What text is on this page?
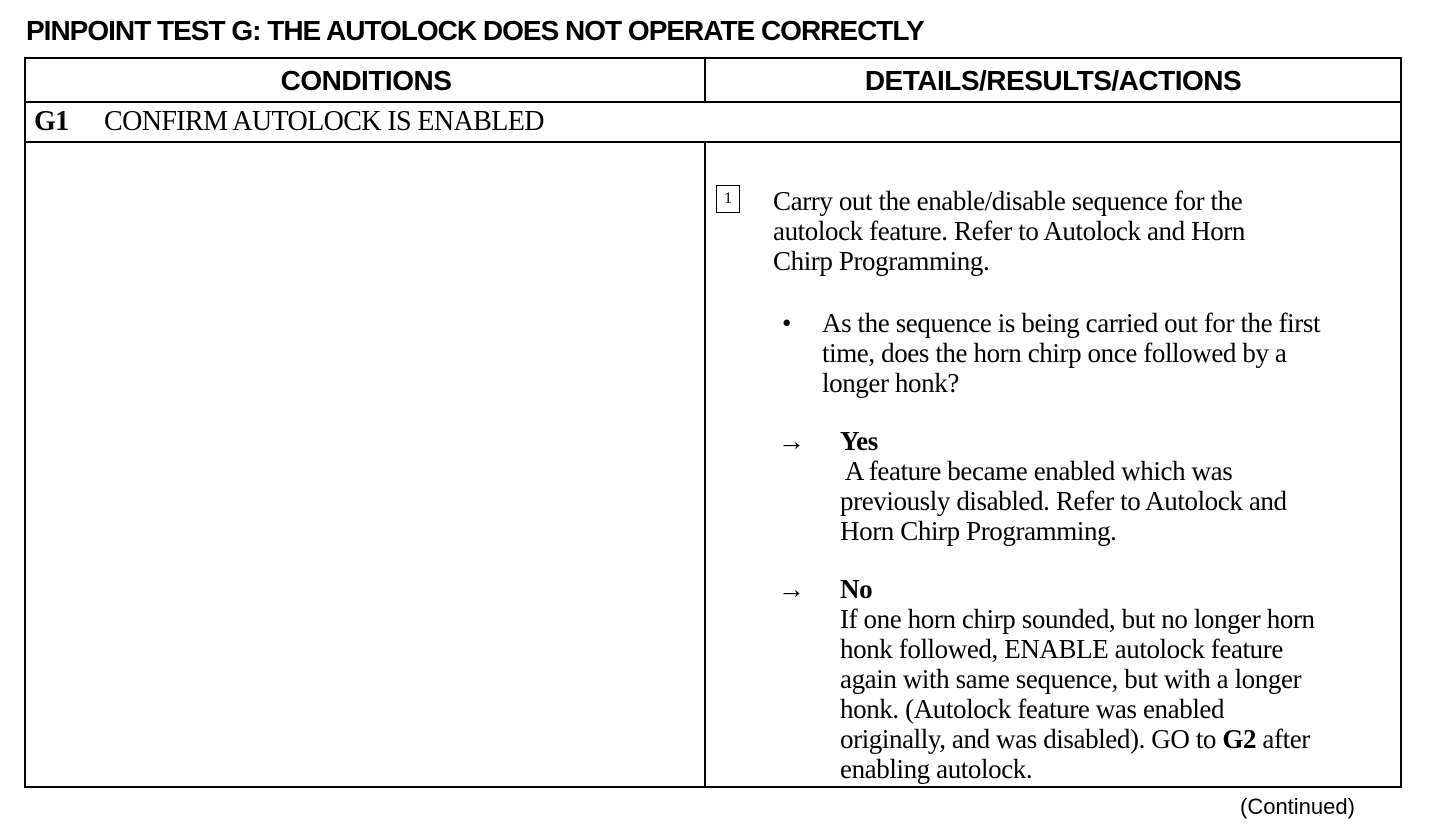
PINPOINT TEST G: THE AUTOLOCK DOES NOT OPERATE CORRECTLY
CONDITIONS	DETAILS/RESULTS/ACTIONS
G1 CONFIRM AUTOLOCK IS ENABLED
1 Carry out the enable/disable sequence for the
autolock feature. Refer to Autolock and Horn
Chirp Programming.
• As the sequence is being carried out for the first
time, does the horn chirp once followed by a
longer honk?
→ Yes
A feature became enabled which was
previously disabled. Refer to Autolock and
Horn Chirp Programming.
→ No
If one horn chirp sounded, but no longer horn
honk followed, ENABLE autolock feature
again with same sequence, but with a longer
honk. (Autolock feature was enabled
originally, and was disabled). GO to G2 after
enabling autolock.
(Continued)
